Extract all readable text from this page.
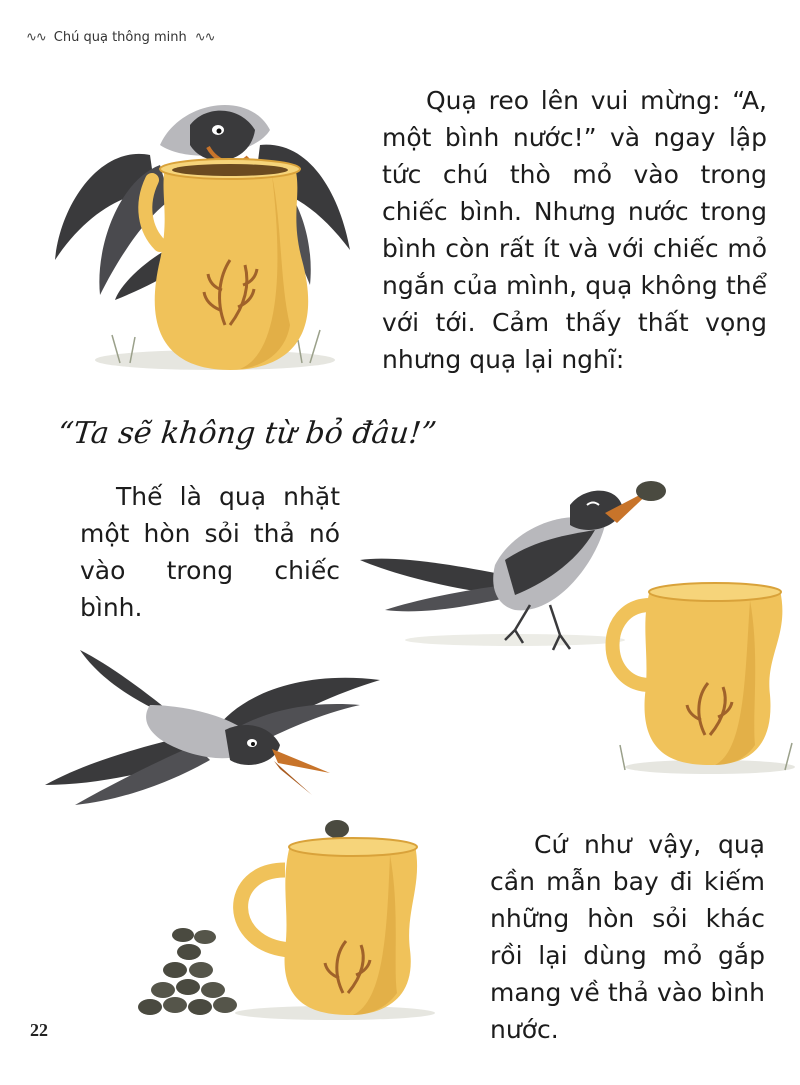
∿∿ Chú quạ thông minh ∿∿

Quạ reo lên vui mừng: “A, một bình nước!” và ngay lập tức chú thò mỏ vào trong chiếc bình. Nhưng nước trong bình còn rất ít và với chiếc mỏ ngắn của mình, quạ không thể với tới. Cảm thấy thất vọng nhưng quạ lại nghĩ:

“Ta sẽ không từ bỏ đâu!”

Thế là quạ nhặt một hòn sỏi thả nó vào trong chiếc bình.

Cứ như vậy, quạ cần mẫn bay đi kiếm những hòn sỏi khác rồi lại dùng mỏ gắp mang về thả vào bình nước.

22
